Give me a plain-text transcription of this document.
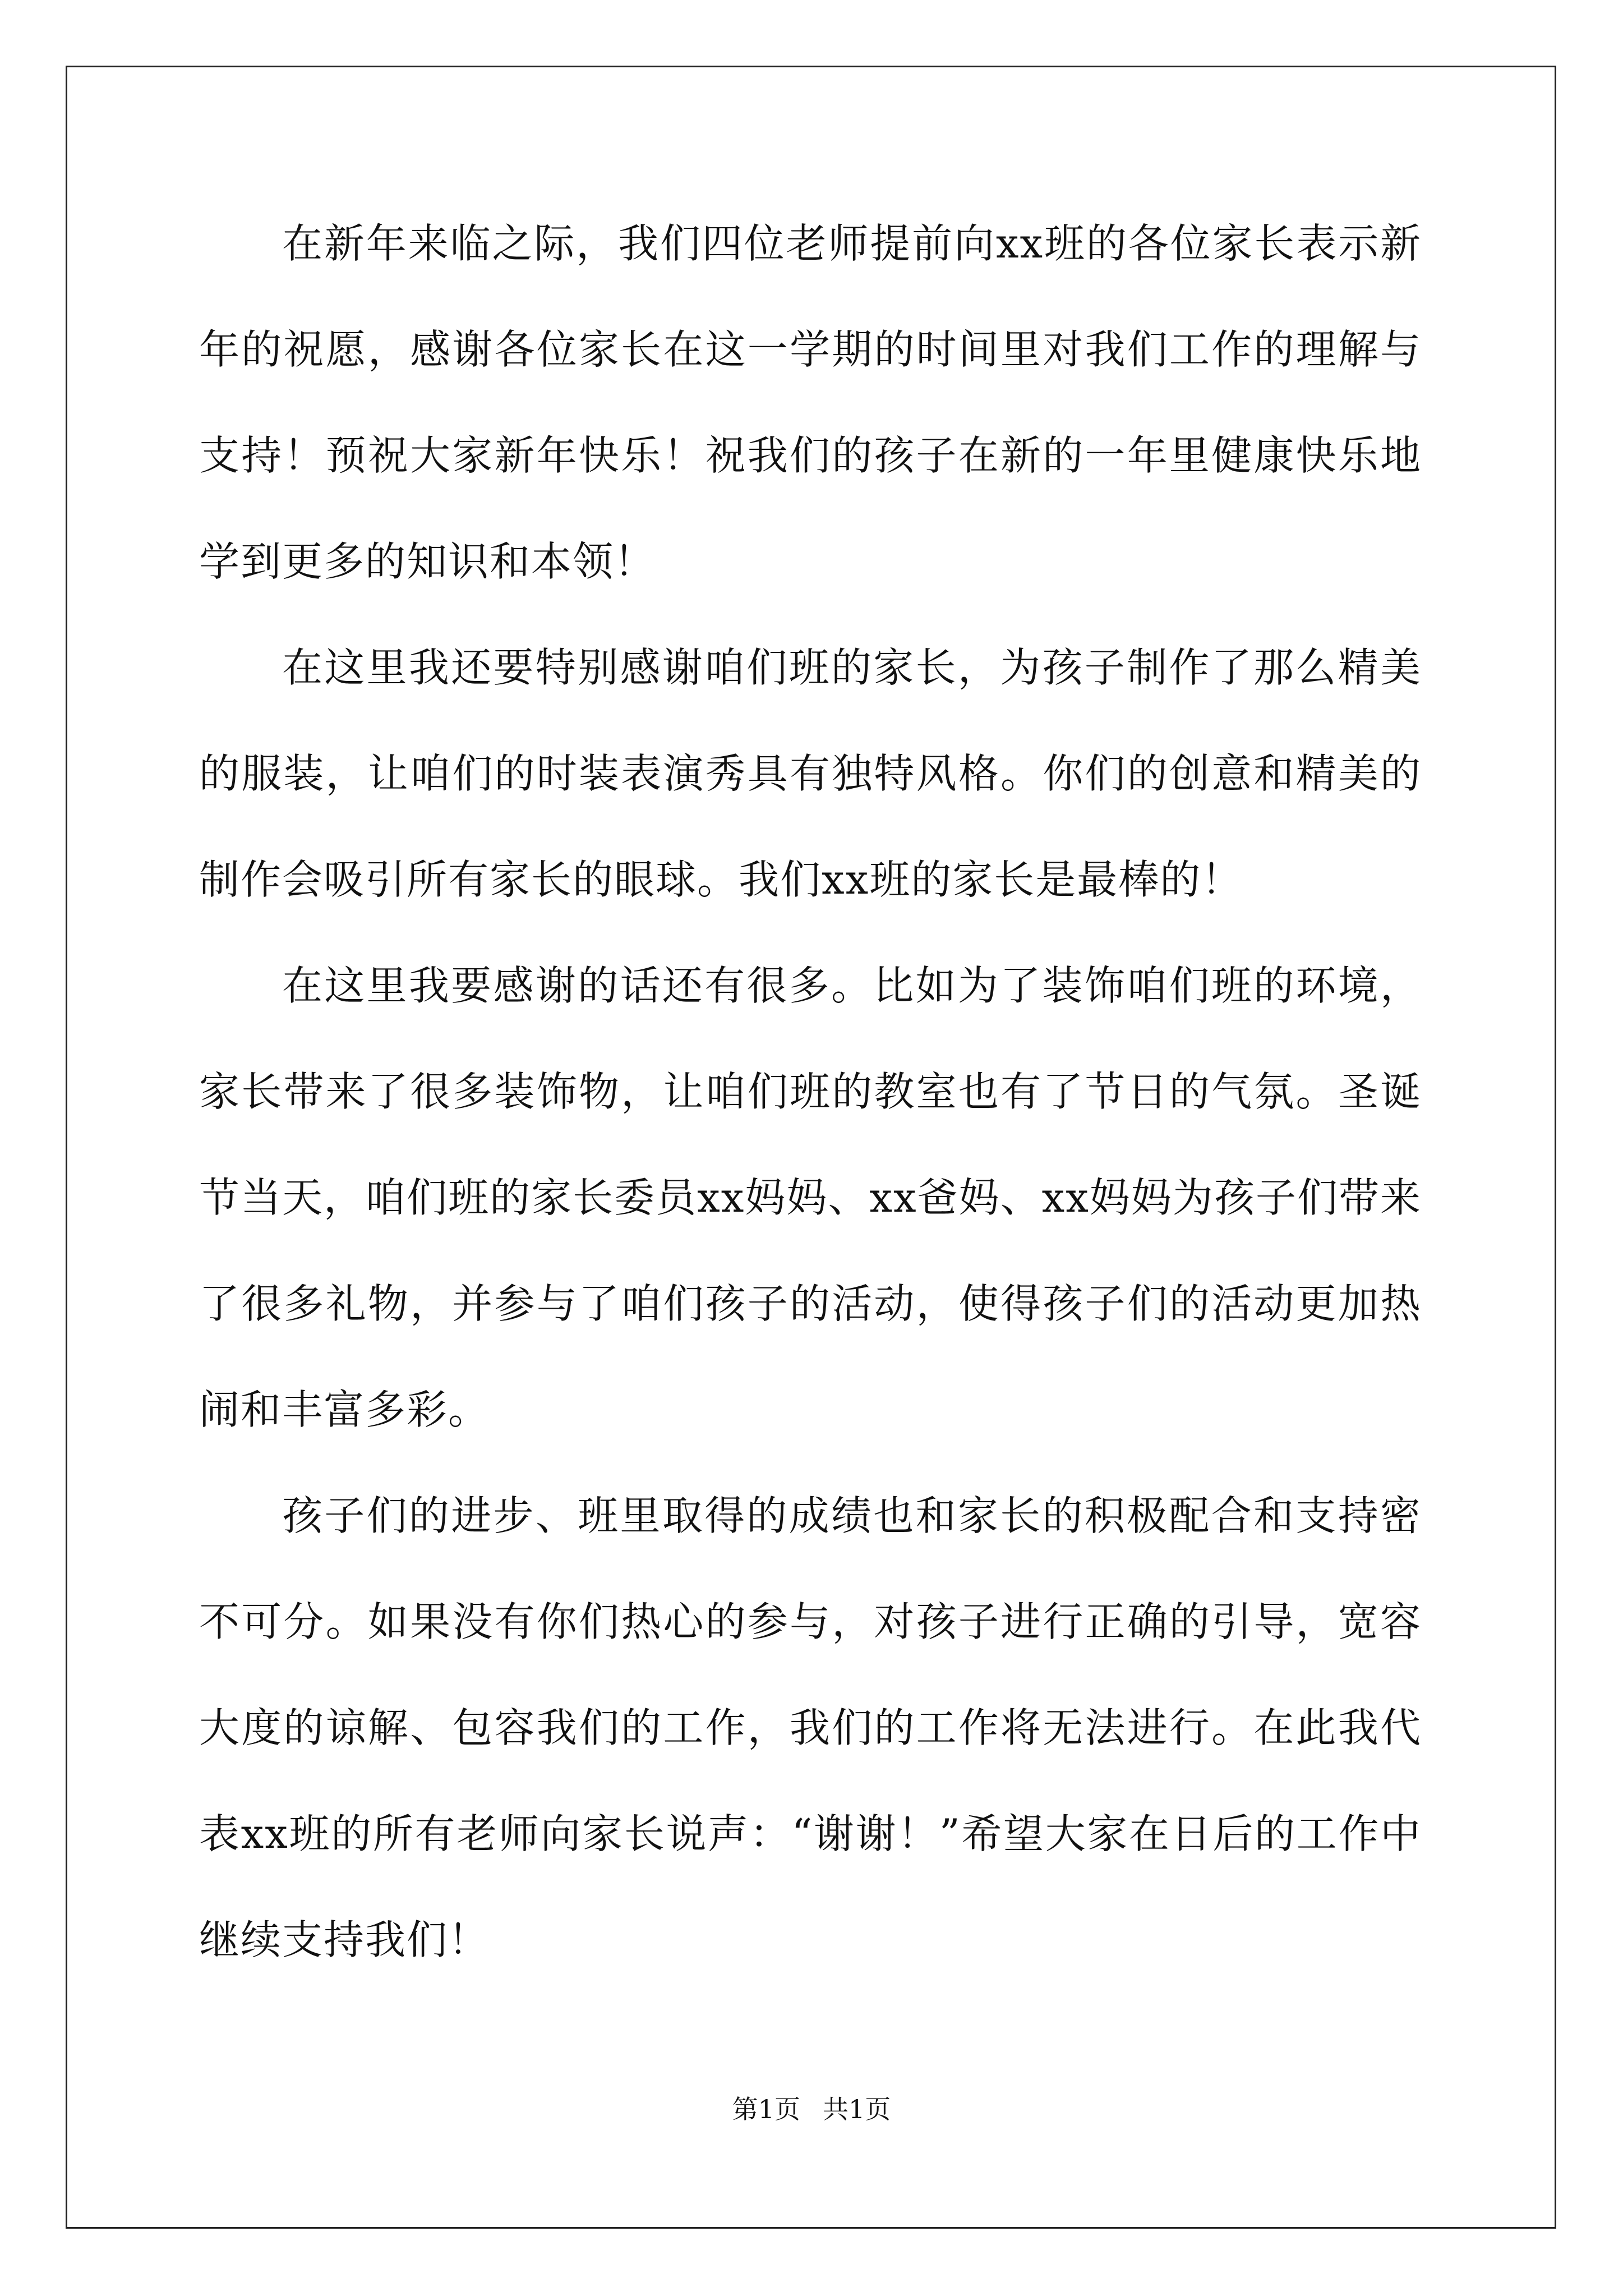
在新年来临之际，我们四位老师提前向xx班的各位家长表示新年的祝愿，感谢各位家长在这一学期的时间里对我们工作的理解与支持！预祝大家新年快乐！祝我们的孩子在新的一年里健康快乐地学到更多的知识和本领！

在这里我还要特别感谢咱们班的家长，为孩子制作了那么精美的服装，让咱们的时装表演秀具有独特风格。你们的创意和精美的制作会吸引所有家长的眼球。我们xx班的家长是最棒的！

在这里我要感谢的话还有很多。比如为了装饰咱们班的环境，家长带来了很多装饰物，让咱们班的教室也有了节日的气氛。圣诞节当天，咱们班的家长委员xx妈妈、xx爸妈、xx妈妈为孩子们带来了很多礼物，并参与了咱们孩子的活动，使得孩子们的活动更加热闹和丰富多彩。

孩子们的进步、班里取得的成绩也和家长的积极配合和支持密不可分。如果没有你们热心的参与，对孩子进行正确的引导，宽容大度的谅解、包容我们的工作，我们的工作将无法进行。在此我代表xx班的所有老师向家长说声：“谢谢！”希望大家在日后的工作中继续支持我们！

第1页 共1页
